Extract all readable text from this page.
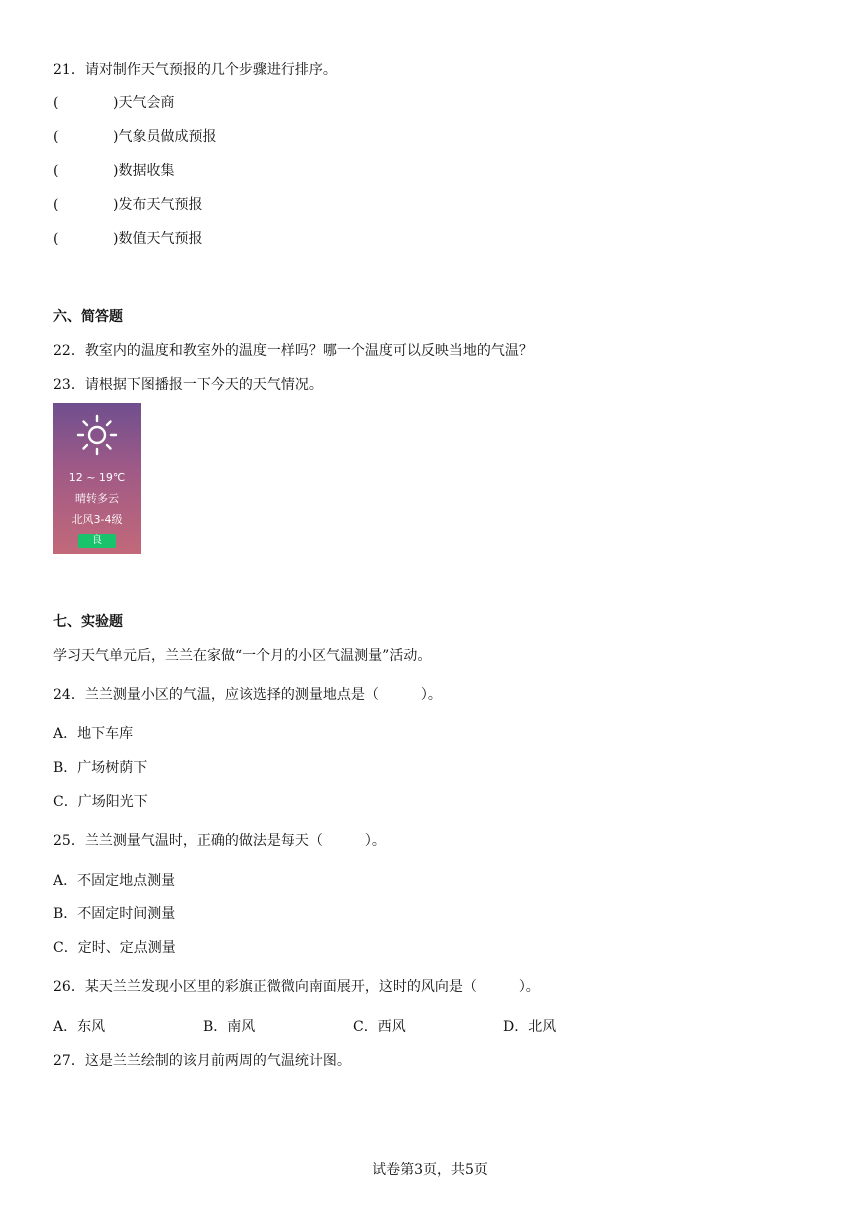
21．请对制作天气预报的几个步骤进行排序。
(	)天气会商
(	)气象员做成预报
(	)数据收集
(	)发布天气预报
(	)数值天气预报
六、简答题
22．教室内的温度和教室外的温度一样吗？哪一个温度可以反映当地的气温？
23．请根据下图播报一下今天的天气情况。
12 ~ 19℃
晴转多云
北风3-4级
良
七、实验题
学习天气单元后，兰兰在家做“一个月的小区气温测量”活动。
24．兰兰测量小区的气温，应该选择的测量地点是（　　　）。
A．地下车库
B．广场树荫下
C．广场阳光下
25．兰兰测量气温时，正确的做法是每天（　　　）。
A．不固定地点测量
B．不固定时间测量
C．定时、定点测量
26．某天兰兰发现小区里的彩旗正微微向南面展开，这时的风向是（　　　）。
A．东风	B．南风	C．西风	D．北风
27．这是兰兰绘制的该月前两周的气温统计图。
试卷第3页，共5页
